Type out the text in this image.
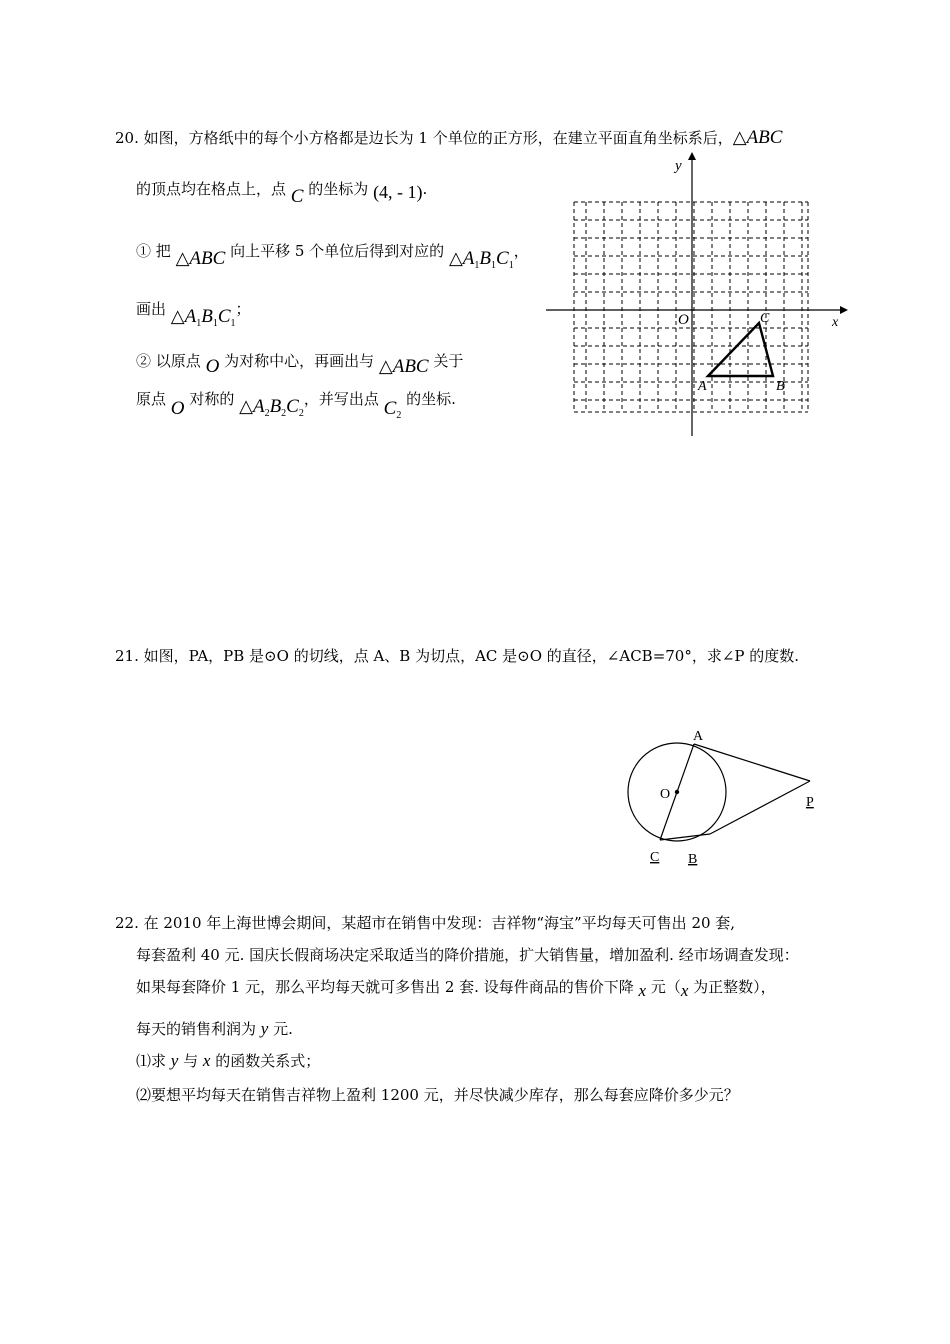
20. 如图，方格纸中的每个小方格都是边长为 1 个单位的正方形，在建立平面直角坐标系后，△ABC
的顶点均在格点上，点 C 的坐标为 (4, - 1).
① 把 △ABC 向上平移 5 个单位后得到对应的 $\triangle A_1B_1C_1$，
画出 $\triangle A_1B_1C_1$；
② 以原点 O 为对称中心，再画出与 △ABC 关于
原点 O 对称的 $\triangle A_2B_2C_2$，并写出点 $C_2$ 的坐标.
x
y
O
A	B
C
21. 如图，PA，PB 是⊙O 的切线，点 A、B 为切点，AC 是⊙O 的直径，∠ACB=70°，求∠P 的度数.
A
O
P
C B
22. 在 2010 年上海世博会期间，某超市在销售中发现：吉祥物“海宝”平均每天可售出 20 套,
每套盈利 40 元. 国庆长假商场决定采取适当的降价措施，扩大销售量，增加盈利. 经市场调查发现：
如果每套降价 1 元，那么平均每天就可多售出 2 套. 设每件商品的售价下降 x 元（x 为正整数），
每天的销售利润为 y 元.
⑴求 y 与 x 的函数关系式；
⑵要想平均每天在销售吉祥物上盈利 1200 元，并尽快减少库存，那么每套应降价多少元？
